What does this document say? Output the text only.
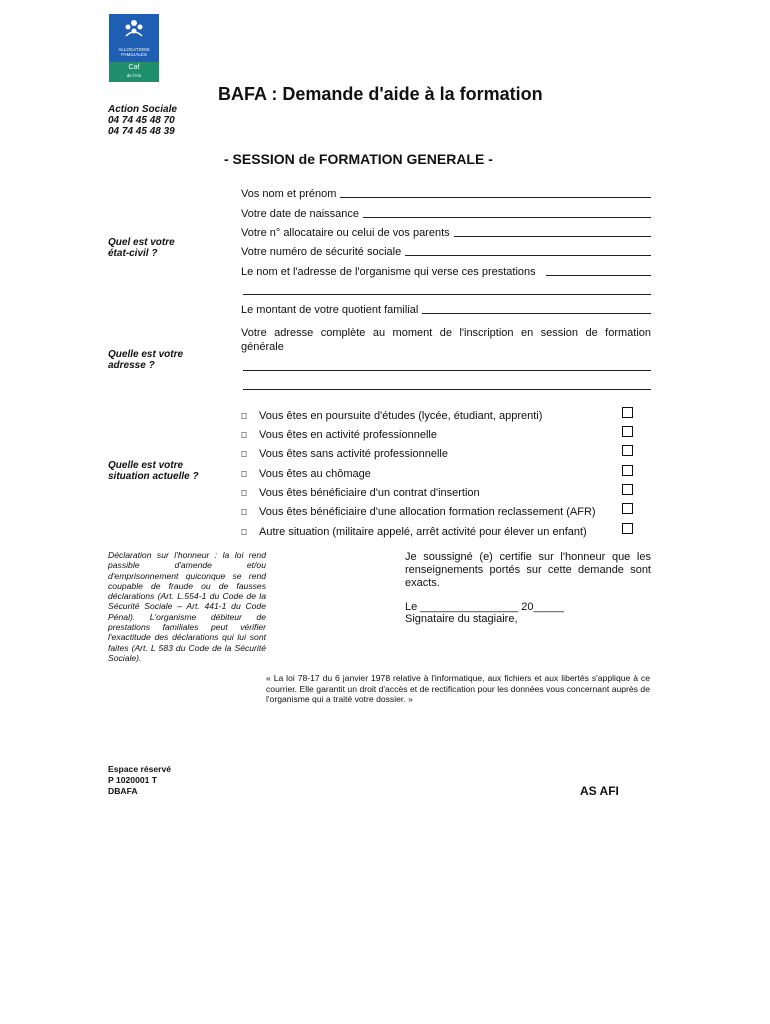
ALLOCATIONS
FAMILIALES
Caf
de l'Ain
BAFA : Demande d'aide à la formation
Action Sociale
04 74 45 48 70
04 74 45 48 39
- SESSION de FORMATION GENERALE -
Quel est votre état-civil ?
Quelle est votre adresse ?
Quelle est votre situation actuelle ?
Vos nom et prénom
Votre date de naissance
Votre n° allocataire ou celui de vos parents
Votre numéro de sécurité sociale
Le nom et l'adresse de l'organisme qui verse ces prestations
Le montant de votre quotient familial
Votre adresse complète au moment de l'inscription en session de formation générale
Vous êtes en poursuite d'études (lycée, étudiant, apprenti)
Vous êtes en activité professionnelle
Vous êtes sans activité professionnelle
Vous êtes au chômage
Vous êtes bénéficiaire d'un contrat d'insertion
Vous êtes bénéficiaire d'une allocation formation reclassement (AFR)
Autre situation (militaire appelé, arrêt activité pour élever un enfant)
Déclaration sur l'honneur : la loi rend passible d'amende et/ou d'emprisonnement quiconque se rend coupable de fraude ou de fausses déclarations (Art. L.554-1 du Code de la Sécurité Sociale – Art. 441-1 du Code Pénal). L'organisme débiteur de prestations familiales peut vérifier l'exactitude des déclarations qui lui sont faites (Art. L 583 du Code de la Sécurité Sociale).
Je soussigné (e) certifie sur l'honneur que les renseignements portés sur cette demande sont exacts.
Le ________________ 20_____
Signataire du stagiaire,
« La loi 78-17 du 6 janvier 1978 relative à l'informatique, aux fichiers et aux libertés s'applique à ce courrier. Elle garantit un droit d'accès et de rectification pour les données vous concernant auprès de l'organisme qui a traité votre dossier. »
Espace réservé
P 1020001 T
DBAFA	AS AFI
